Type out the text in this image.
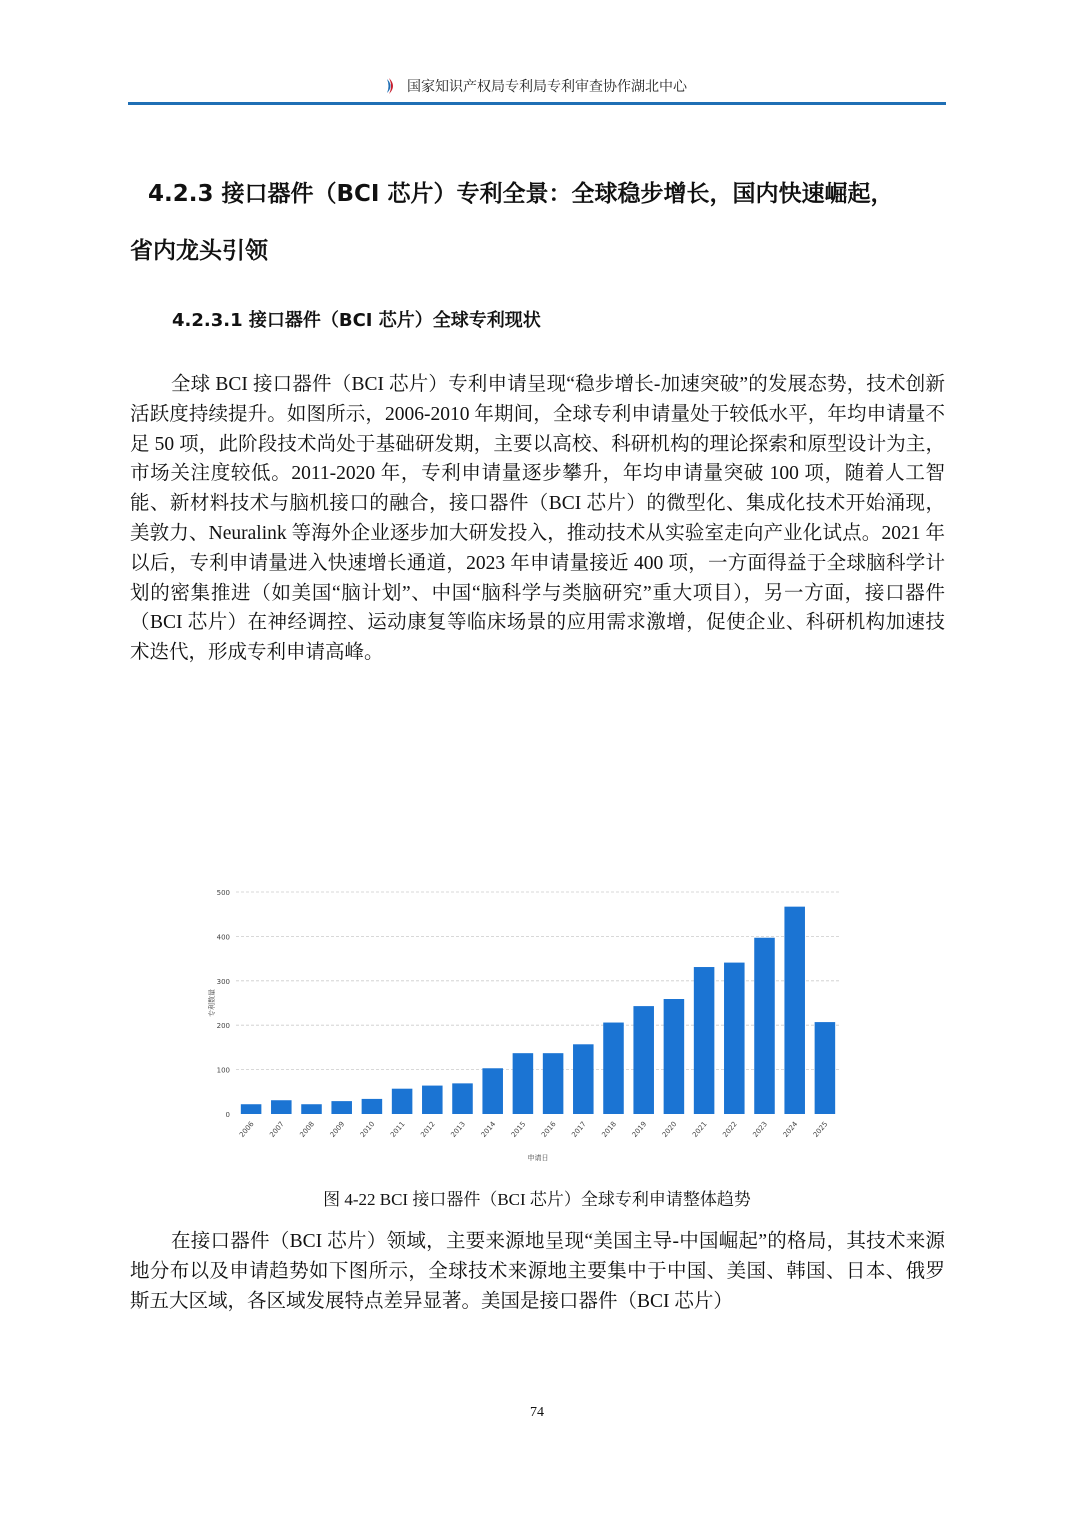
国家知识产权局专利局专利审查协作湖北中心
4.2.3 接口器件（BCI 芯片）专利全景：全球稳步增长，国内快速崛起，
省内龙头引领
4.2.3.1 接口器件（BCI 芯片）全球专利现状
全球 BCI 接口器件（BCI 芯片）专利申请呈现“稳步增长-加速突破”的发展态势，技术创新活跃度持续提升。如图所示，2006-2010 年期间，全球专利申请量处于较低水平，年均申请量不足 50 项，此阶段技术尚处于基础研发期，主要以高校、科研机构的理论探索和原型设计为主，市场关注度较低。2011-2020 年，专利申请量逐步攀升，年均申请量突破 100 项，随着人工智能、新材料技术与脑机接口的融合，接口器件（BCI 芯片）的微型化、集成化技术开始涌现，美敦力、Neuralink 等海外企业逐步加大研发投入，推动技术从实验室走向产业化试点。2021 年以后，专利申请量进入快速增长通道，2023 年申请量接近 400 项，一方面得益于全球脑科学计划的密集推进（如美国“脑计划”、中国“脑科学与类脑研究”重大项目），另一方面，接口器件（BCI 芯片）在神经调控、运动康复等临床场景的应用需求激增，促使企业、科研机构加速技术迭代，形成专利申请高峰。
0
100
200
300
400
500
2006 2007 2008 2009 2010 2011 2012 2013 2014 2015 2016 2017 2018 2019 2020 2021 2022 2023 2024 2025
申请日
专利数量
图 4-22 BCI 接口器件（BCI 芯片）全球专利申请整体趋势
在接口器件（BCI 芯片）领域，主要来源地呈现“美国主导-中国崛起”的格局，其技术来源地分布以及申请趋势如下图所示，全球技术来源地主要集中于中国、美国、韩国、日本、俄罗斯五大区域，各区域发展特点差异显著。美国是接口器件（BCI 芯片）
74
